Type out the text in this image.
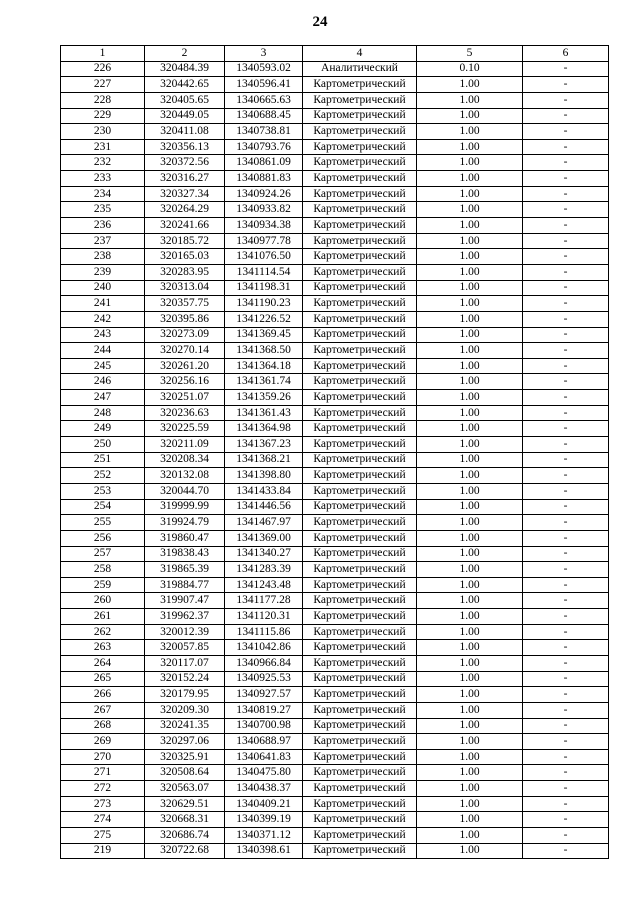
24
1	2	3	4	5	6
226	320484.39	1340593.02	Аналитический	0.10	-
227	320442.65	1340596.41	Картометрический	1.00	-
228	320405.65	1340665.63	Картометрический	1.00	-
229	320449.05	1340688.45	Картометрический	1.00	-
230	320411.08	1340738.81	Картометрический	1.00	-
231	320356.13	1340793.76	Картометрический	1.00	-
232	320372.56	1340861.09	Картометрический	1.00	-
233	320316.27	1340881.83	Картометрический	1.00	-
234	320327.34	1340924.26	Картометрический	1.00	-
235	320264.29	1340933.82	Картометрический	1.00	-
236	320241.66	1340934.38	Картометрический	1.00	-
237	320185.72	1340977.78	Картометрический	1.00	-
238	320165.03	1341076.50	Картометрический	1.00	-
239	320283.95	1341114.54	Картометрический	1.00	-
240	320313.04	1341198.31	Картометрический	1.00	-
241	320357.75	1341190.23	Картометрический	1.00	-
242	320395.86	1341226.52	Картометрический	1.00	-
243	320273.09	1341369.45	Картометрический	1.00	-
244	320270.14	1341368.50	Картометрический	1.00	-
245	320261.20	1341364.18	Картометрический	1.00	-
246	320256.16	1341361.74	Картометрический	1.00	-
247	320251.07	1341359.26	Картометрический	1.00	-
248	320236.63	1341361.43	Картометрический	1.00	-
249	320225.59	1341364.98	Картометрический	1.00	-
250	320211.09	1341367.23	Картометрический	1.00	-
251	320208.34	1341368.21	Картометрический	1.00	-
252	320132.08	1341398.80	Картометрический	1.00	-
253	320044.70	1341433.84	Картометрический	1.00	-
254	319999.99	1341446.56	Картометрический	1.00	-
255	319924.79	1341467.97	Картометрический	1.00	-
256	319860.47	1341369.00	Картометрический	1.00	-
257	319838.43	1341340.27	Картометрический	1.00	-
258	319865.39	1341283.39	Картометрический	1.00	-
259	319884.77	1341243.48	Картометрический	1.00	-
260	319907.47	1341177.28	Картометрический	1.00	-
261	319962.37	1341120.31	Картометрический	1.00	-
262	320012.39	1341115.86	Картометрический	1.00	-
263	320057.85	1341042.86	Картометрический	1.00	-
264	320117.07	1340966.84	Картометрический	1.00	-
265	320152.24	1340925.53	Картометрический	1.00	-
266	320179.95	1340927.57	Картометрический	1.00	-
267	320209.30	1340819.27	Картометрический	1.00	-
268	320241.35	1340700.98	Картометрический	1.00	-
269	320297.06	1340688.97	Картометрический	1.00	-
270	320325.91	1340641.83	Картометрический	1.00	-
271	320508.64	1340475.80	Картометрический	1.00	-
272	320563.07	1340438.37	Картометрический	1.00	-
273	320629.51	1340409.21	Картометрический	1.00	-
274	320668.31	1340399.19	Картометрический	1.00	-
275	320686.74	1340371.12	Картометрический	1.00	-
219	320722.68	1340398.61	Картометрический	1.00	-
